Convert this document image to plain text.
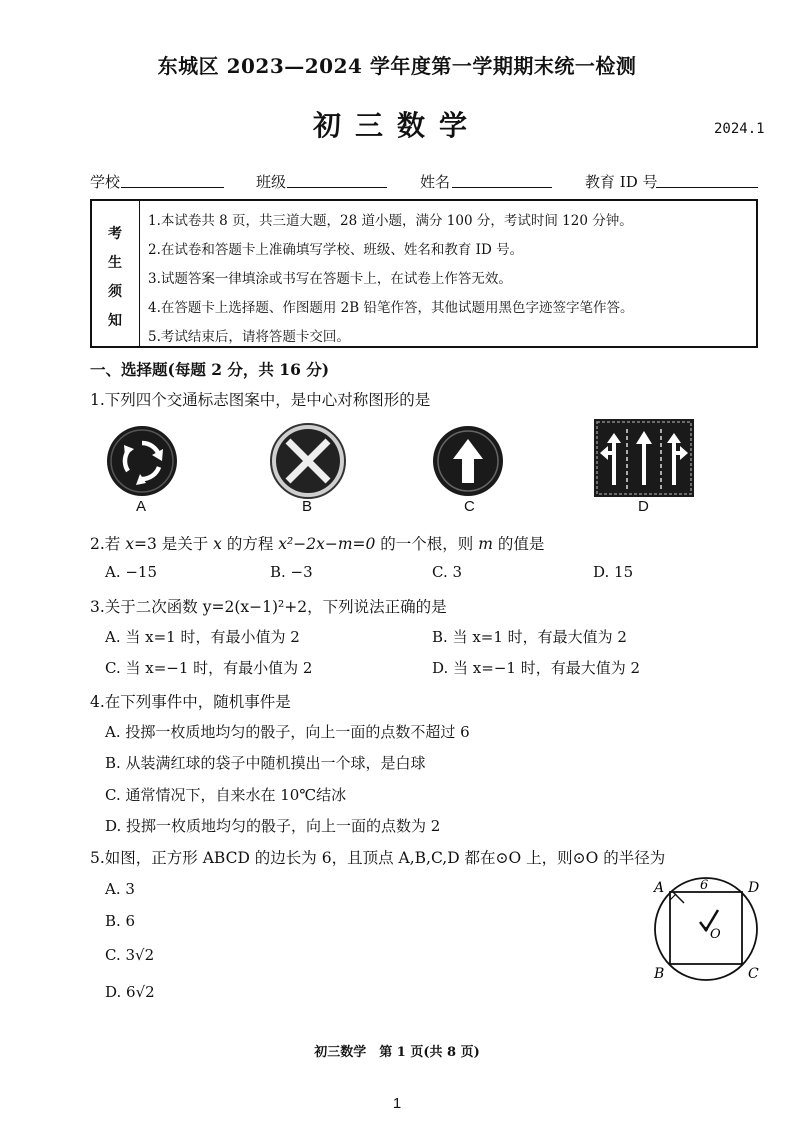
东城区 2023—2024 学年度第一学期期末统一检测
初三数学	2024.1
学校	班级	姓名	教育 ID 号
考
生
须
知
1.本试卷共 8 页，共三道大题，28 道小题，满分 100 分，考试时间 120 分钟。
2.在试卷和答题卡上准确填写学校、班级、姓名和教育 ID 号。
3.试题答案一律填涂或书写在答题卡上，在试卷上作答无效。
4.在答题卡上选择题、作图题用 2B 铅笔作答，其他试题用黑色字迹签字笔作答。
5.考试结束后，请将答题卡交回。
一、选择题(每题 2 分，共 16 分)
1.下列四个交通标志图案中，是中心对称图形的是
A	B	C	D
2.若 x=3 是关于 x 的方程 x²−2x−m=0 的一个根，则 m 的值是
A. −15	B. −3	C. 3	D. 15
3.关于二次函数 y=2(x−1)²+2，下列说法正确的是
A. 当 x=1 时，有最小值为 2	B. 当 x=1 时，有最大值为 2
C. 当 x=−1 时，有最小值为 2	D. 当 x=−1 时，有最大值为 2
4.在下列事件中，随机事件是
A. 投掷一枚质地均匀的骰子，向上一面的点数不超过 6
B. 从装满红球的袋子中随机摸出一个球，是白球
C. 通常情况下，自来水在 10℃结冰
D. 投掷一枚质地均匀的骰子，向上一面的点数为 2
5.如图，正方形 ABCD 的边长为 6，且顶点 A,B,C,D 都在⊙O 上，则⊙O 的半径为
A. 3
B. 6
C. 3√2
D. 6√2
A	D
B	C
O
6
初三数学　第 1 页(共 8 页)
1
